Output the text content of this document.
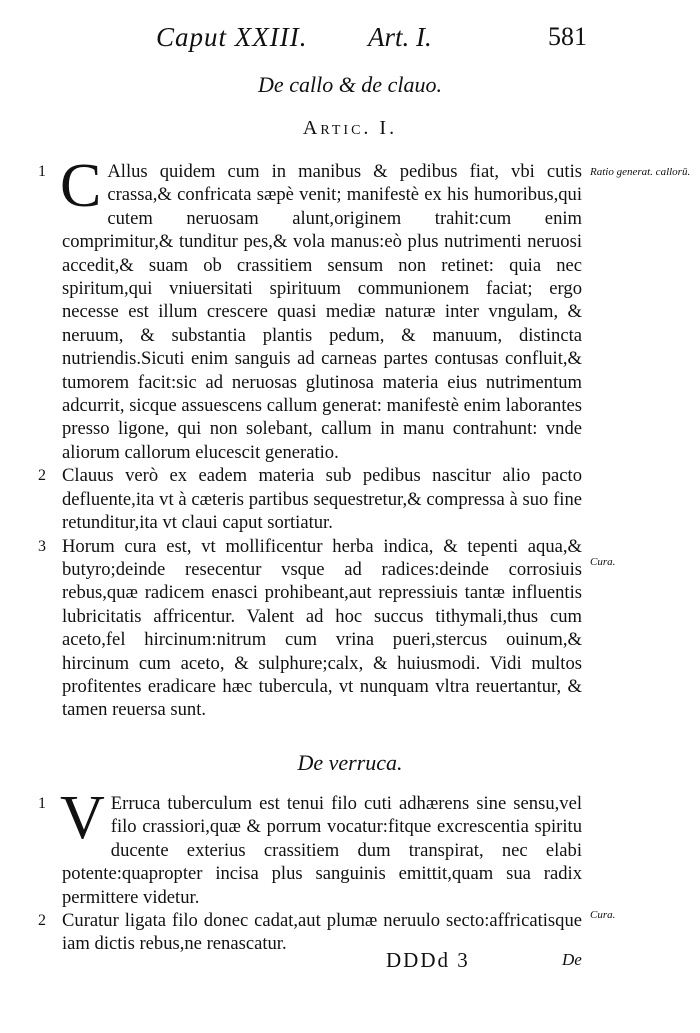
Caput XXIII. Art. I.	581
De callo & de clauo.
Artic. I.

1 C Allus quidem cum in manibus & pedibus fiat, vbi cutis crassa,& confricata sæpè venit; manifestè ex his humoribus,qui cutem neruosam alunt,originem trahit:cum enim comprimitur,& tunditur pes,& vola manus:eò plus nutrimenti neruosi accedit,& suam ob crassitiem sensum non retinet: quia nec spiritum,qui vniuersitati spirituum communionem faciat; ergo necesse est illum crescere quasi mediæ naturæ inter vngulam, & neruum, & substantia plantis pedum, & manuum, distincta nutriendis.Sicuti enim sanguis ad carneas partes contusas confluit,& tumorem facit:sic ad neruosas glutinosa materia eius nutrimentum adcurrit, sicque assuescens callum generat: manifestè enim laborantes presso ligone, qui non solebant, callum in manu contrahunt: vnde aliorum callorum elucescit generatio.

2 Clauus verò ex eadem materia sub pedibus nascitur alio pacto defluente,ita vt à cæteris partibus sequestretur,& compressa à suo fine retunditur,ita vt claui caput sortiatur.

3 Horum cura est, vt mollificentur herba indica, & tepenti aqua,& butyro;deinde resecentur vsque ad radices:deinde corrosiuis rebus,quæ radicem enasci prohibeant,aut repressiuis tantæ influentis lubricitatis affricentur. Valent ad hoc succus tithymali,thus cum aceto,fel hircinum:nitrum cum vrina pueri,stercus ouinum,& hircinum cum aceto, & sulphure;calx, & huiusmodi. Vidi multos profitentes eradicare hæc tubercula, vt nunquam vltra reuertantur, & tamen reuersa sunt.

De verruca.

1 V Erruca tuberculum est tenui filo cuti adhærens sine sensu,vel filo crassiori,quæ & porrum vocatur:fitque excrescentia spiritu ducente exterius crassitiem dum transpirat, nec elabi potente:quapropter incisa plus sanguinis emittit,quam sua radix permittere videtur.

2 Curatur ligata filo donec cadat,aut plumæ neruulo secto:affricatisque iam dictis rebus,ne renascatur.

Ratio generat. callorū.
Cura.
Cura.
DDDd 3	De
